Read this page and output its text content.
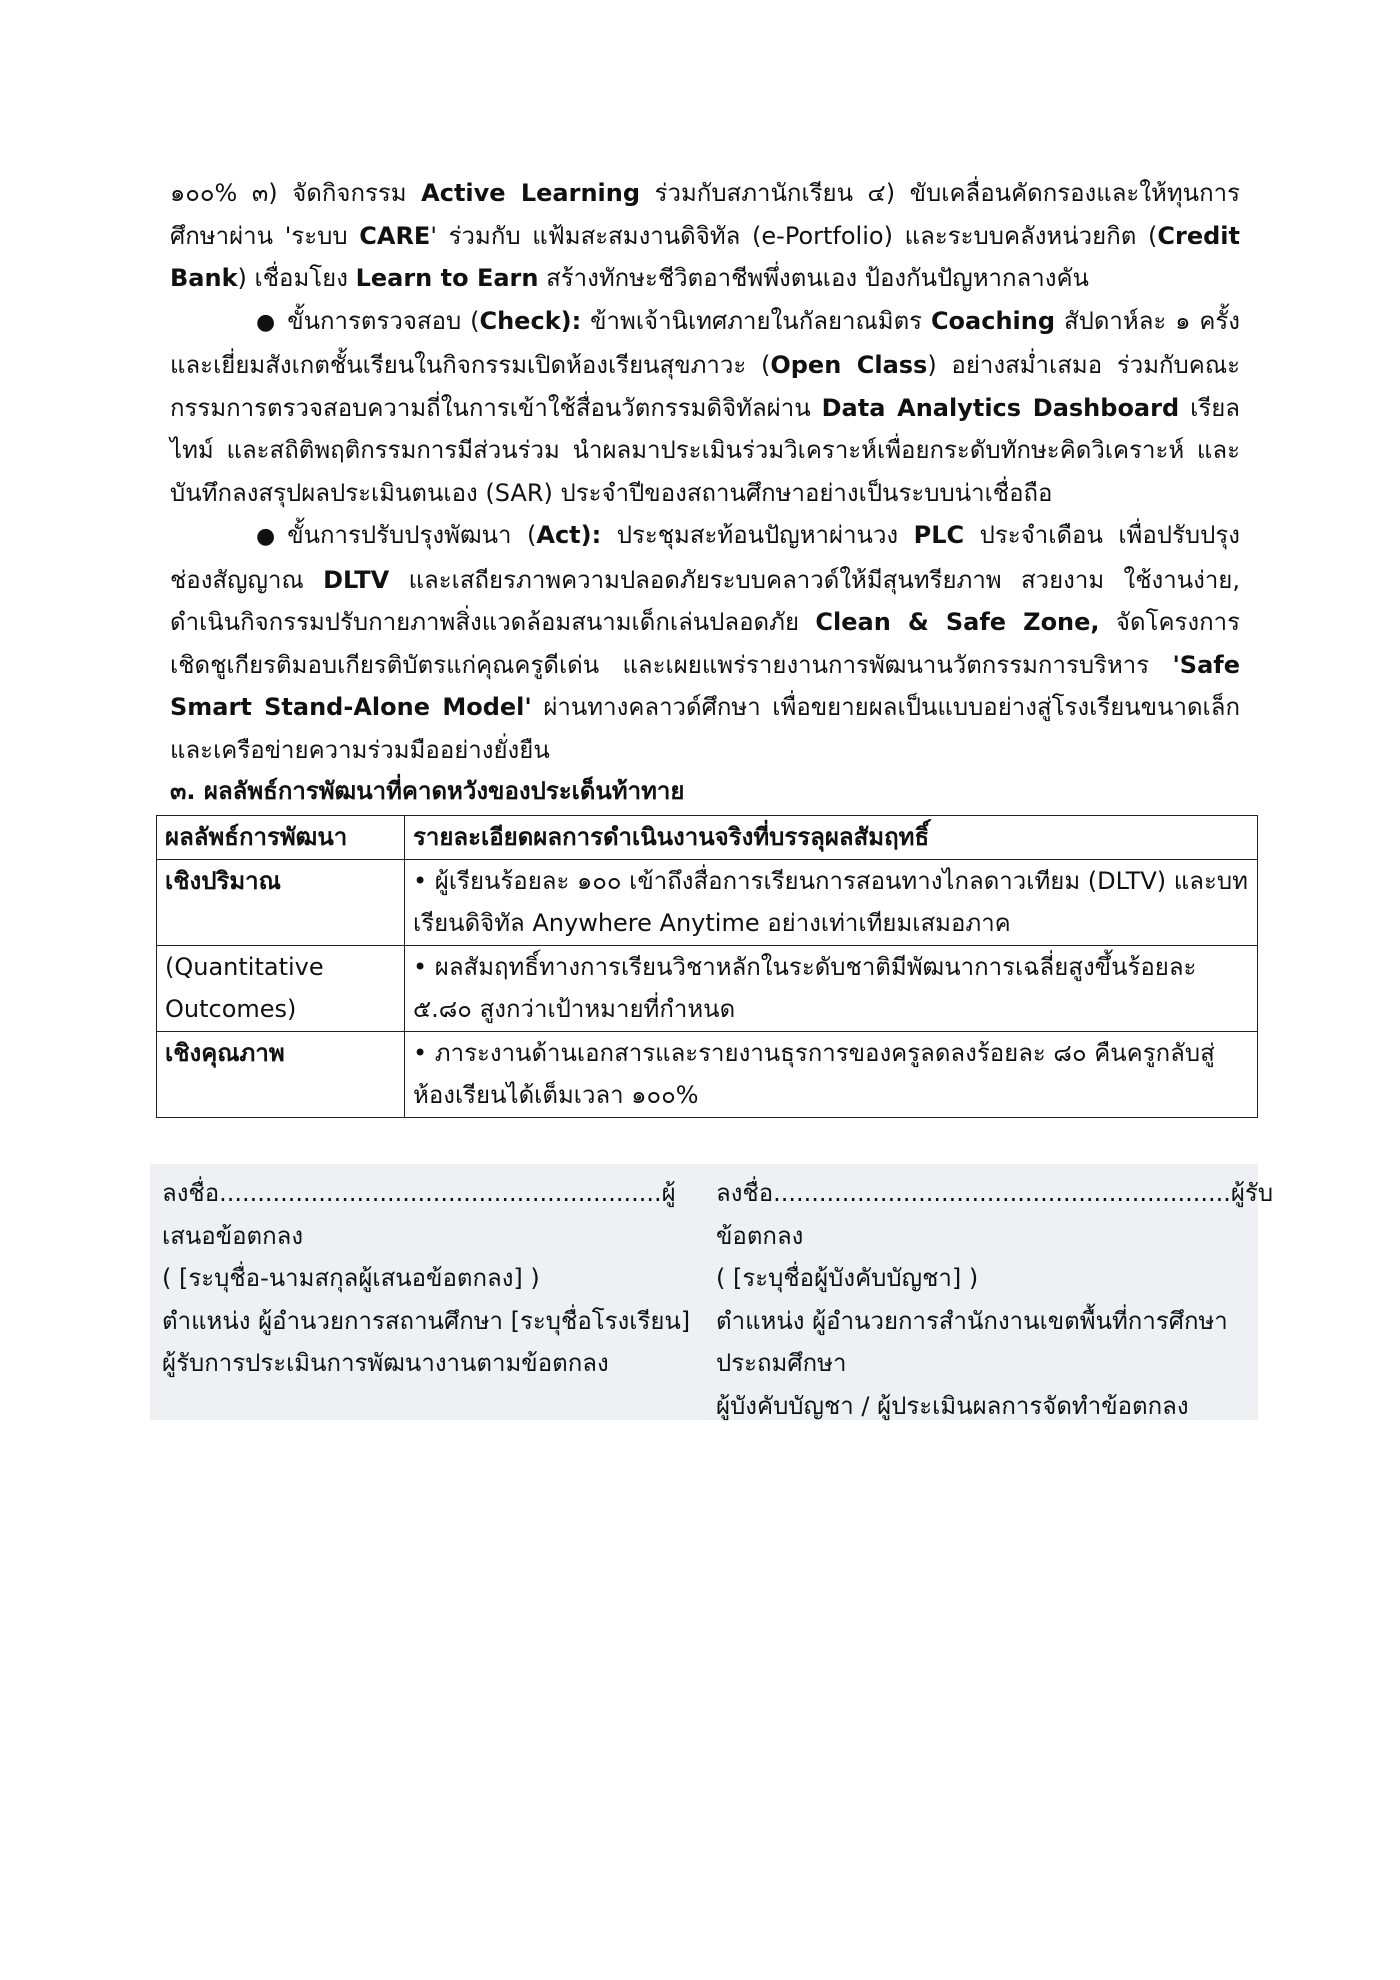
๑๐๐% ๓) จัดกิจกรรม Active Learning ร่วมกับสภานักเรียน ๔) ขับเคลื่อนคัดกรองและให้ทุนการศึกษาผ่าน 'ระบบ CARE' ร่วมกับ แฟ้มสะสมงานดิจิทัล (e-Portfolio) และระบบคลังหน่วยกิต (Credit Bank) เชื่อมโยง Learn to Earn สร้างทักษะชีวิตอาชีพพึ่งตนเอง ป้องกันปัญหากลางคัน

● ขั้นการตรวจสอบ (Check): ข้าพเจ้านิเทศภายในกัลยาณมิตร Coaching สัปดาห์ละ ๑ ครั้ง และเยี่ยมสังเกตชั้นเรียนในกิจกรรมเปิดห้องเรียนสุขภาวะ (Open Class) อย่างสม่ำเสมอ ร่วมกับคณะกรรมการตรวจสอบความถี่ในการเข้าใช้สื่อนวัตกรรมดิจิทัลผ่าน Data Analytics Dashboard เรียลไทม์ และสถิติพฤติกรรมการมีส่วนร่วม นำผลมาประเมินร่วมวิเคราะห์เพื่อยกระดับทักษะคิดวิเคราะห์ และบันทึกลงสรุปผลประเมินตนเอง (SAR) ประจำปีของสถานศึกษาอย่างเป็นระบบน่าเชื่อถือ

● ขั้นการปรับปรุงพัฒนา (Act): ประชุมสะท้อนปัญหาผ่านวง PLC ประจำเดือน เพื่อปรับปรุงช่องสัญญาณ DLTV และเสถียรภาพความปลอดภัยระบบคลาวด์ให้มีสุนทรียภาพ สวยงาม ใช้งานง่าย, ดำเนินกิจกรรมปรับกายภาพสิ่งแวดล้อมสนามเด็กเล่นปลอดภัย Clean & Safe Zone, จัดโครงการเชิดชูเกียรติมอบเกียรติบัตรแก่คุณครูดีเด่น และเผยแพร่รายงานการพัฒนานวัตกรรมการบริหาร 'Safe Smart Stand-Alone Model' ผ่านทางคลาวด์ศึกษา เพื่อขยายผลเป็นแบบอย่างสู่โรงเรียนขนาดเล็กและเครือข่ายความร่วมมืออย่างยั่งยืน

๓. ผลลัพธ์การพัฒนาที่คาดหวังของประเด็นท้าทาย

ผลลัพธ์การพัฒนา	รายละเอียดผลการดำเนินงานจริงที่บรรลุผลสัมฤทธิ์
เชิงปริมาณ	• ผู้เรียนร้อยละ ๑๐๐ เข้าถึงสื่อการเรียนการสอนทางไกลดาวเทียม (DLTV) และบทเรียนดิจิทัล Anywhere Anytime อย่างเท่าเทียมเสมอภาค
(Quantitative Outcomes)	• ผลสัมฤทธิ์ทางการเรียนวิชาหลักในระดับชาติมีพัฒนาการเฉลี่ยสูงขึ้นร้อยละ ๕.๘๐ สูงกว่าเป้าหมายที่กำหนด
เชิงคุณภาพ	• ภาระงานด้านเอกสารและรายงานธุรการของครูลดลงร้อยละ ๘๐ คืนครูกลับสู่ห้องเรียนได้เต็มเวลา ๑๐๐%

ลงชื่อ..........................................................ผู้เสนอข้อตกลง

( [ระบุชื่อ-นามสกุลผู้เสนอข้อตกลง] )

ตำแหน่ง ผู้อำนวยการสถานศึกษา [ระบุชื่อโรงเรียน]

ผู้รับการประเมินการพัฒนางานตามข้อตกลง

ลงชื่อ............................................................ผู้รับข้อตกลง

( [ระบุชื่อผู้บังคับบัญชา] )

ตำแหน่ง ผู้อำนวยการสำนักงานเขตพื้นที่การศึกษาประถมศึกษา

ผู้บังคับบัญชา / ผู้ประเมินผลการจัดทำข้อตกลง
